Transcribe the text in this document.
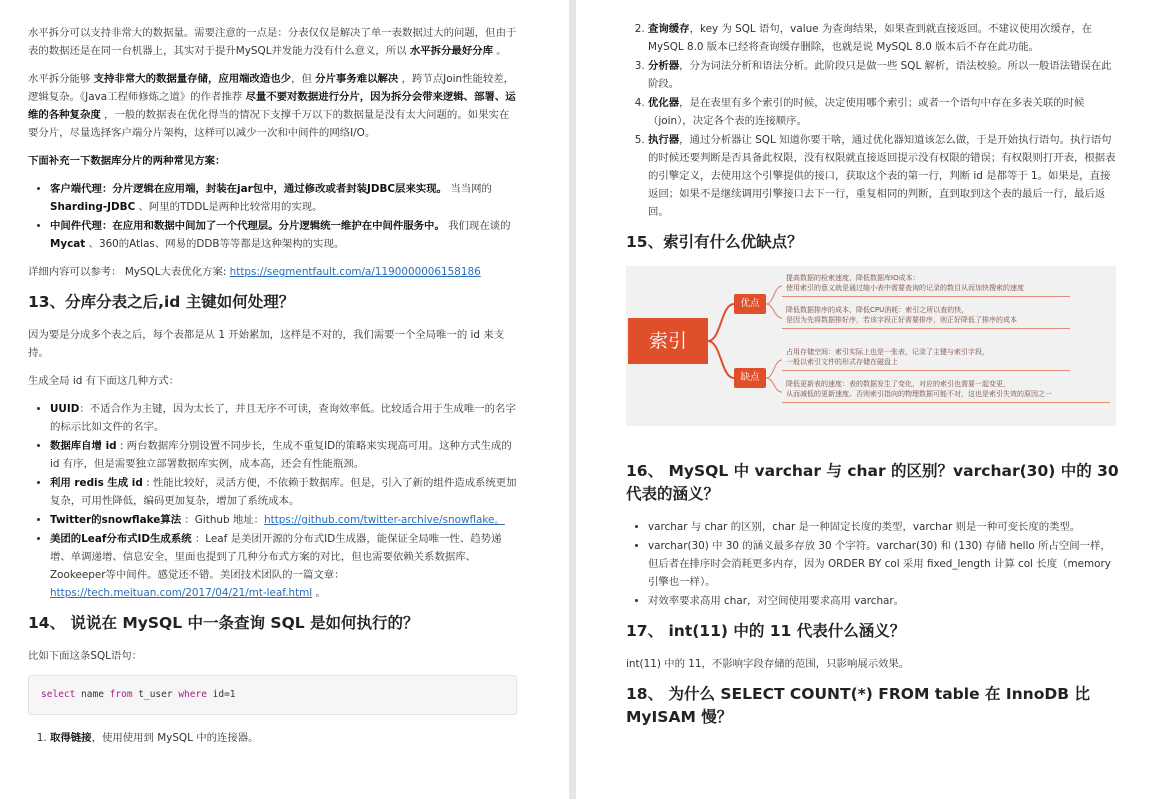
水平拆分可以支持非常大的数据量。需要注意的一点是：分表仅仅是解决了单一表数据过大的问题，但由于表的数据还是在同一台机器上，其实对于提升MySQL并发能力没有什么意义，所以 水平拆分最好分库 。

水平拆分能够 支持非常大的数据量存储，应用端改造也少，但 分片事务难以解决 ，跨节点Join性能较差，逻辑复杂。《Java工程师修炼之道》的作者推荐 尽量不要对数据进行分片，因为拆分会带来逻辑、部署、运维的各种复杂度 ，一般的数据表在优化得当的情况下支撑千万以下的数据量是没有太大问题的。如果实在要分片，尽量选择客户端分片架构，这样可以减少一次和中间件的网络I/O。

下面补充一下数据库分片的两种常见方案：

• 客户端代理：分片逻辑在应用端，封装在jar包中，通过修改或者封装JDBC层来实现。 当当网的 Sharding-JDBC 、阿里的TDDL是两种比较常用的实现。
• 中间件代理：在应用和数据中间加了一个代理层。分片逻辑统一维护在中间件服务中。 我们现在谈的 Mycat 、360的Atlas、网易的DDB等等都是这种架构的实现。

详细内容可以参考： MySQL大表优化方案: https://segmentfault.com/a/1190000006158186

13、分库分表之后,id 主键如何处理？

因为要是分成多个表之后，每个表都是从 1 开始累加，这样是不对的，我们需要一个全局唯一的 id 来支持。

生成全局 id 有下面这几种方式：

• UUID：不适合作为主键，因为太长了，并且无序不可读，查询效率低。比较适合用于生成唯一的名字的标示比如文件的名字。
• 数据库自增 id : 两台数据库分别设置不同步长，生成不重复ID的策略来实现高可用。这种方式生成的 id 有序，但是需要独立部署数据库实例，成本高，还会有性能瓶颈。
• 利用 redis 生成 id : 性能比较好，灵活方便，不依赖于数据库。但是，引入了新的组件造成系统更加复杂，可用性降低，编码更加复杂，增加了系统成本。
• Twitter的snowflake算法 ：Github 地址：https://github.com/twitter-archive/snowflake。
• 美团的Leaf分布式ID生成系统 ：Leaf 是美团开源的分布式ID生成器，能保证全局唯一性、趋势递增、单调递增、信息安全，里面也提到了几种分布式方案的对比，但也需要依赖关系数据库、Zookeeper等中间件。感觉还不错。美团技术团队的一篇文章：https://tech.meituan.com/2017/04/21/mt-leaf.html 。
14、 说说在 MySQL 中一条查询 SQL 是如何执行的？

比如下面这条SQL语句：

select name from t_user where id=1
1. 取得链接，使用使用到 MySQL 中的连接器。
2. 查询缓存，key 为 SQL 语句，value 为查询结果，如果查到就直接返回。不建议使用次缓存，在 MySQL 8.0 版本已经将查询缓存删除，也就是说 MySQL 8.0 版本后不存在此功能。
3. 分析器，分为词法分析和语法分析。此阶段只是做一些 SQL 解析，语法校验。所以一般语法错误在此阶段。
4. 优化器，是在表里有多个索引的时候，决定使用哪个索引；或者一个语句中存在多表关联的时候（join），决定各个表的连接顺序。
5. 执行器，通过分析器让 SQL 知道你要干啥，通过优化器知道该怎么做，于是开始执行语句。执行语句的时候还要判断是否具备此权限，没有权限就直接返回提示没有权限的错误；有权限则打开表，根据表的引擎定义，去使用这个引擎提供的接口，获取这个表的第一行，判断 id 是都等于 1。如果是，直接返回；如果不是继续调用引擎接口去下一行，重复相同的判断，直到取到这个表的最后一行，最后返回。
15、索引有什么优缺点？
索引
优点
缺点
提高数据的检索速度，降低数据库IO成本：
使用索引的意义就是通过缩小表中需要查询的记录的数目从而加快搜索的速度
降低数据排序的成本，降低CPU消耗：索引之所以查的快，
是因为先将数据排好序，若该字段正好需要排序，则正好降低了排序的成本
占用存储空间：索引实际上也是一张表，记录了主键与索引字段，
一般以索引文件的形式存储在磁盘上
降低更新表的速度：表的数据发生了变化，对应的索引也需要一起变更，
从而减低的更新速度。否则索引指向的物理数据可能不对，这也是索引失效的原因之一
16、 MySQL 中 varchar 与 char 的区别？varchar(30) 中的 30 代表的涵义？
• varchar 与 char 的区别，char 是一种固定长度的类型，varchar 则是一种可变长度的类型。
• varchar(30) 中 30 的涵义最多存放 30 个字符。varchar(30) 和 (130) 存储 hello 所占空间一样，但后者在排序时会消耗更多内存，因为 ORDER BY col 采用 fixed_length 计算 col 长度（memory 引擎也一样）。
• 对效率要求高用 char，对空间使用要求高用 varchar。
17、 int(11) 中的 11 代表什么涵义？

int(11) 中的 11，不影响字段存储的范围，只影响展示效果。

18、 为什么 SELECT COUNT(*) FROM table 在 InnoDB 比 MyISAM 慢？
